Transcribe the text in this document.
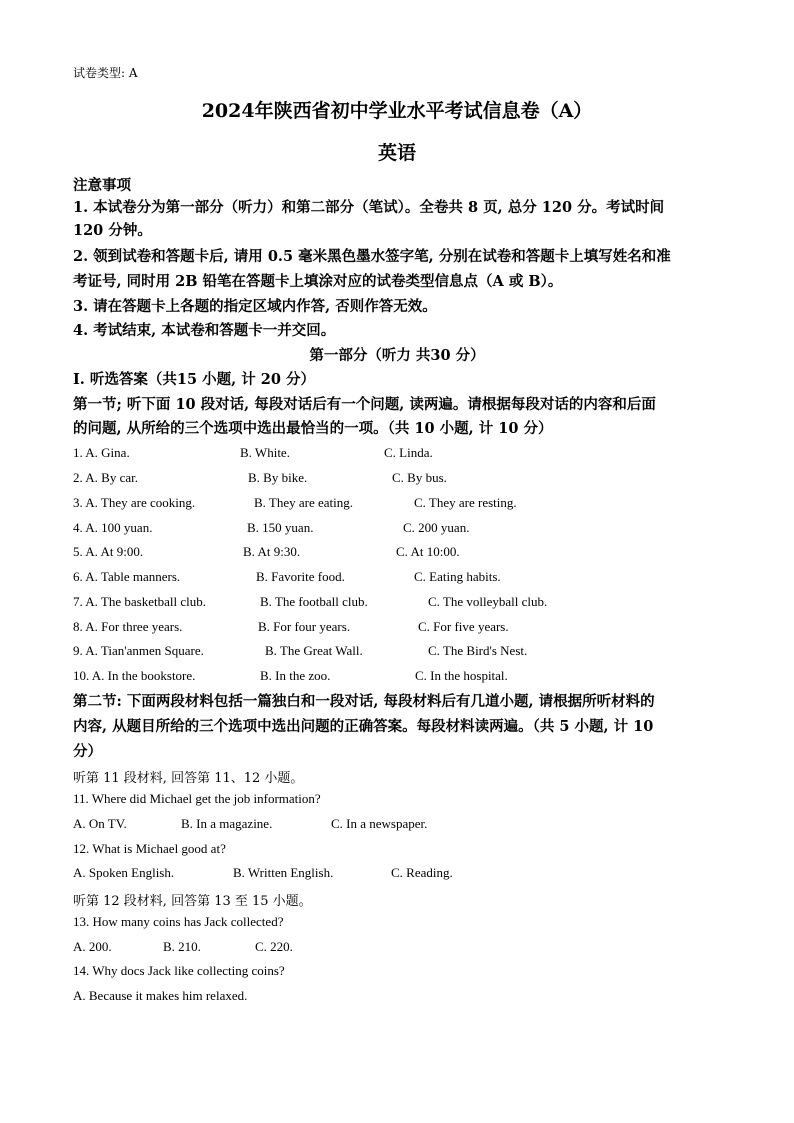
试卷类型: A
2024年陕西省初中学业水平考试信息卷（A）
英语
注意事项
1. 本试卷分为第一部分（听力）和第二部分（笔试）。全卷共 8 页, 总分 120 分。考试时间
120 分钟。
2. 领到试卷和答题卡后, 请用 0.5 毫米黑色墨水签字笔, 分别在试卷和答题卡上填写姓名和准
考证号, 同时用 2B 铅笔在答题卡上填涂对应的试卷类型信息点（A 或 B）。
3. 请在答题卡上各题的指定区域内作答, 否则作答无效。
4. 考试结束, 本试卷和答题卡一并交回。
第一部分（听力 共30 分）
I. 听选答案（共15 小题, 计 20 分）
第一节; 听下面 10 段对话, 每段对话后有一个问题, 读两遍。请根据每段对话的内容和后面
的问题, 从所给的三个选项中选出最恰当的一项。（共 10 小题, 计 10 分）
1. A. Gina.	B. White.	C. Linda.
2. A. By car.	B. By bike.	C. By bus.
3. A. They are cooking.	B. They are eating.	C. They are resting.
4. A. 100 yuan.	B. 150 yuan.	C. 200 yuan.
5. A. At 9:00.	B. At 9:30.	C. At 10:00.
6. A. Table manners.	B. Favorite food.	C. Eating habits.
7. A. The basketball club.	B. The football club.	C. The volleyball club.
8. A. For three years.	B. For four years.	C. For five years.
9. A. Tian'anmen Square.	B. The Great Wall.	C. The Bird's Nest.
10. A. In the bookstore.	B. In the zoo.	C. In the hospital.
第二节: 下面两段材料包括一篇独白和一段对话, 每段材料后有几道小题, 请根据所听材料的
内容, 从题目所给的三个选项中选出问题的正确答案。每段材料读两遍。（共 5 小题, 计 10
分）
听第 11 段材料, 回答第 11、12 小题。
11. Where did Michael get the job information?
A. On TV.	B. In a magazine.	C. In a newspaper.
12. What is Michael good at?
A. Spoken English.	B. Written English.	C. Reading.
听第 12 段材料, 回答第 13 至 15 小题。
13. How many coins has Jack collected?
A. 200.	B. 210.	C. 220.
14. Why docs Jack like collecting coins?
A. Because it makes him relaxed.
